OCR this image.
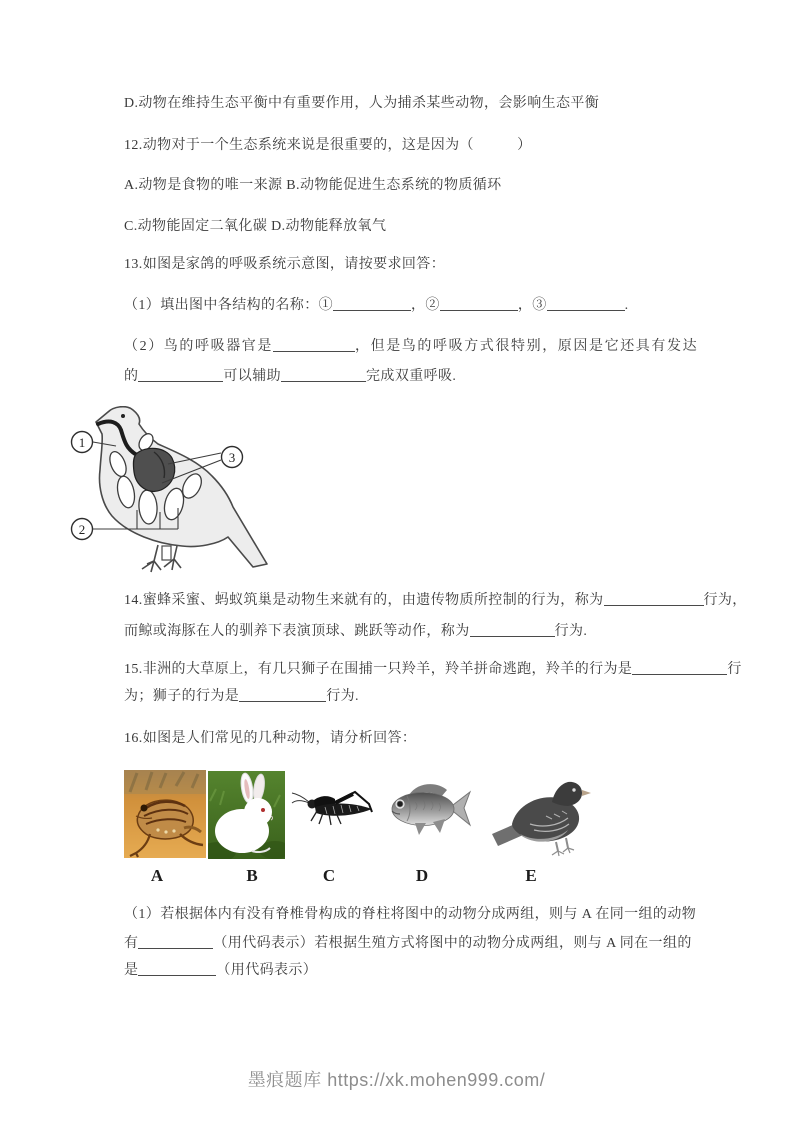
D.动物在维持生态平衡中有重要作用，人为捕杀某些动物，会影响生态平衡
12.动物对于一个生态系统来说是很重要的，这是因为（　　　）
A.动物是食物的唯一来源 B.动物能促进生态系统的物质循环
C.动物能固定二氧化碳 D.动物能释放氧气
13.如图是家鸽的呼吸系统示意图，请按要求回答：
（1）填出图中各结构的名称：①	，②	，③	.
（2）鸟的呼吸器官是	，但是鸟的呼吸方式很特别，原因是它还具有发达
的	可以辅助	完成双重呼吸.
1
2
3
14.蜜蜂采蜜、蚂蚁筑巢是动物生来就有的，由遗传物质所控制的行为，称为	行为，
而鲸或海豚在人的驯养下表演顶球、跳跃等动作，称为	行为.
15.非洲的大草原上，有几只狮子在围捕一只羚羊，羚羊拼命逃跑，羚羊的行为是	行
为；狮子的行为是	行为.
16.如图是人们常见的几种动物，请分析回答：
A	B	C	D	E
（1）若根据体内有没有脊椎骨构成的脊柱将图中的动物分成两组，则与 A 在同一组的动物
有	（用代码表示）若根据生殖方式将图中的动物分成两组，则与 A 同在一组的
是	（用代码表示）
墨痕题库 https://xk.mohen999.com/
